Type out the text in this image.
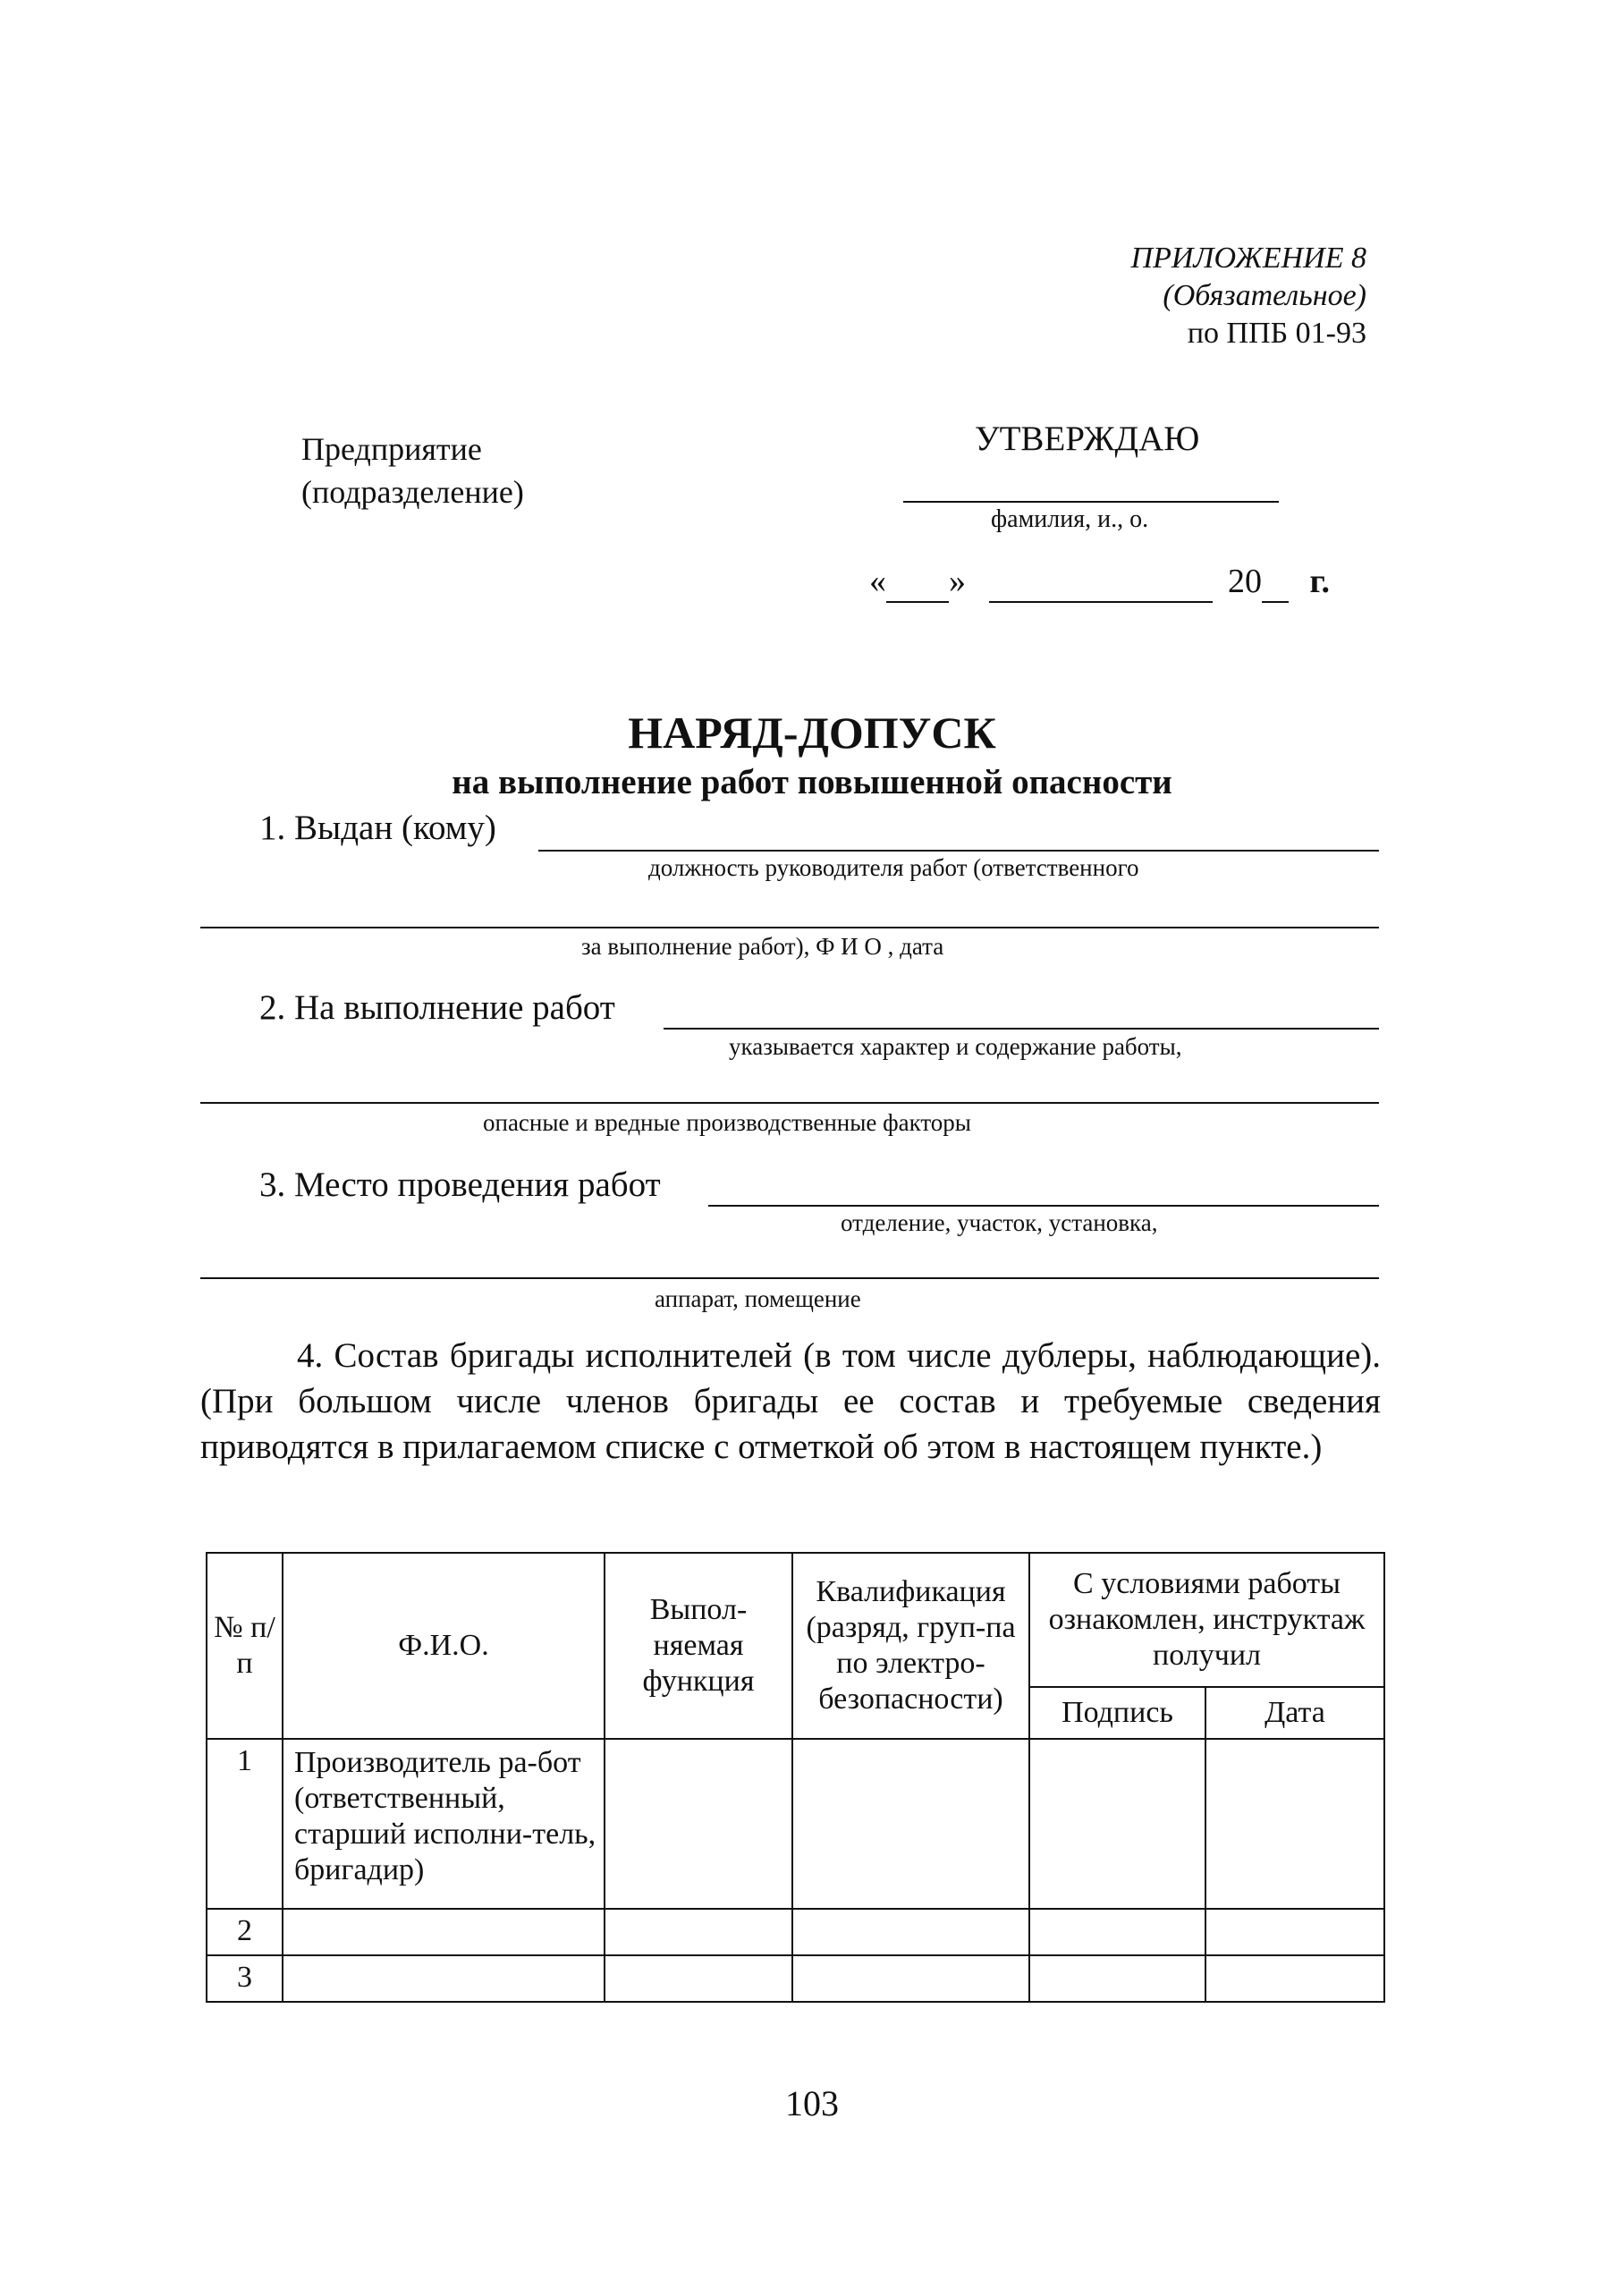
ПРИЛОЖЕНИЕ 8
(Обязательное)
по ППБ 01-93
Предприятие
(подразделение)
УТВЕРЖДАЮ
фамилия, и., о.
« »	20 г.
НАРЯД-ДОПУСК
на выполнение работ повышенной опасности
1. Выдан (кому)
должность руководителя работ (ответственного
за выполнение работ), Ф И О , дата
2. На выполнение работ
указывается характер и содержание работы,
опасные и вредные производственные факторы
3. Место проведения работ
отделение, участок, установка,
аппарат, помещение
4. Состав бригады исполнителей (в том числе дублеры, наблюдающие). (При большом числе членов бригады ее состав и требуемые сведения приводятся в прилагаемом списке с отметкой об этом в настоящем пункте.)
№ п/п	Ф.И.О.	Выпол-няемая функция	Квалификация (разряд, груп-па по электро-безопасности)	С условиями работы ознакомлен, инструктаж получил	
				Подпись	Дата
1	Производитель ра-бот (ответственный, старший исполни-тель, бригадир)				
2					
3					
103
